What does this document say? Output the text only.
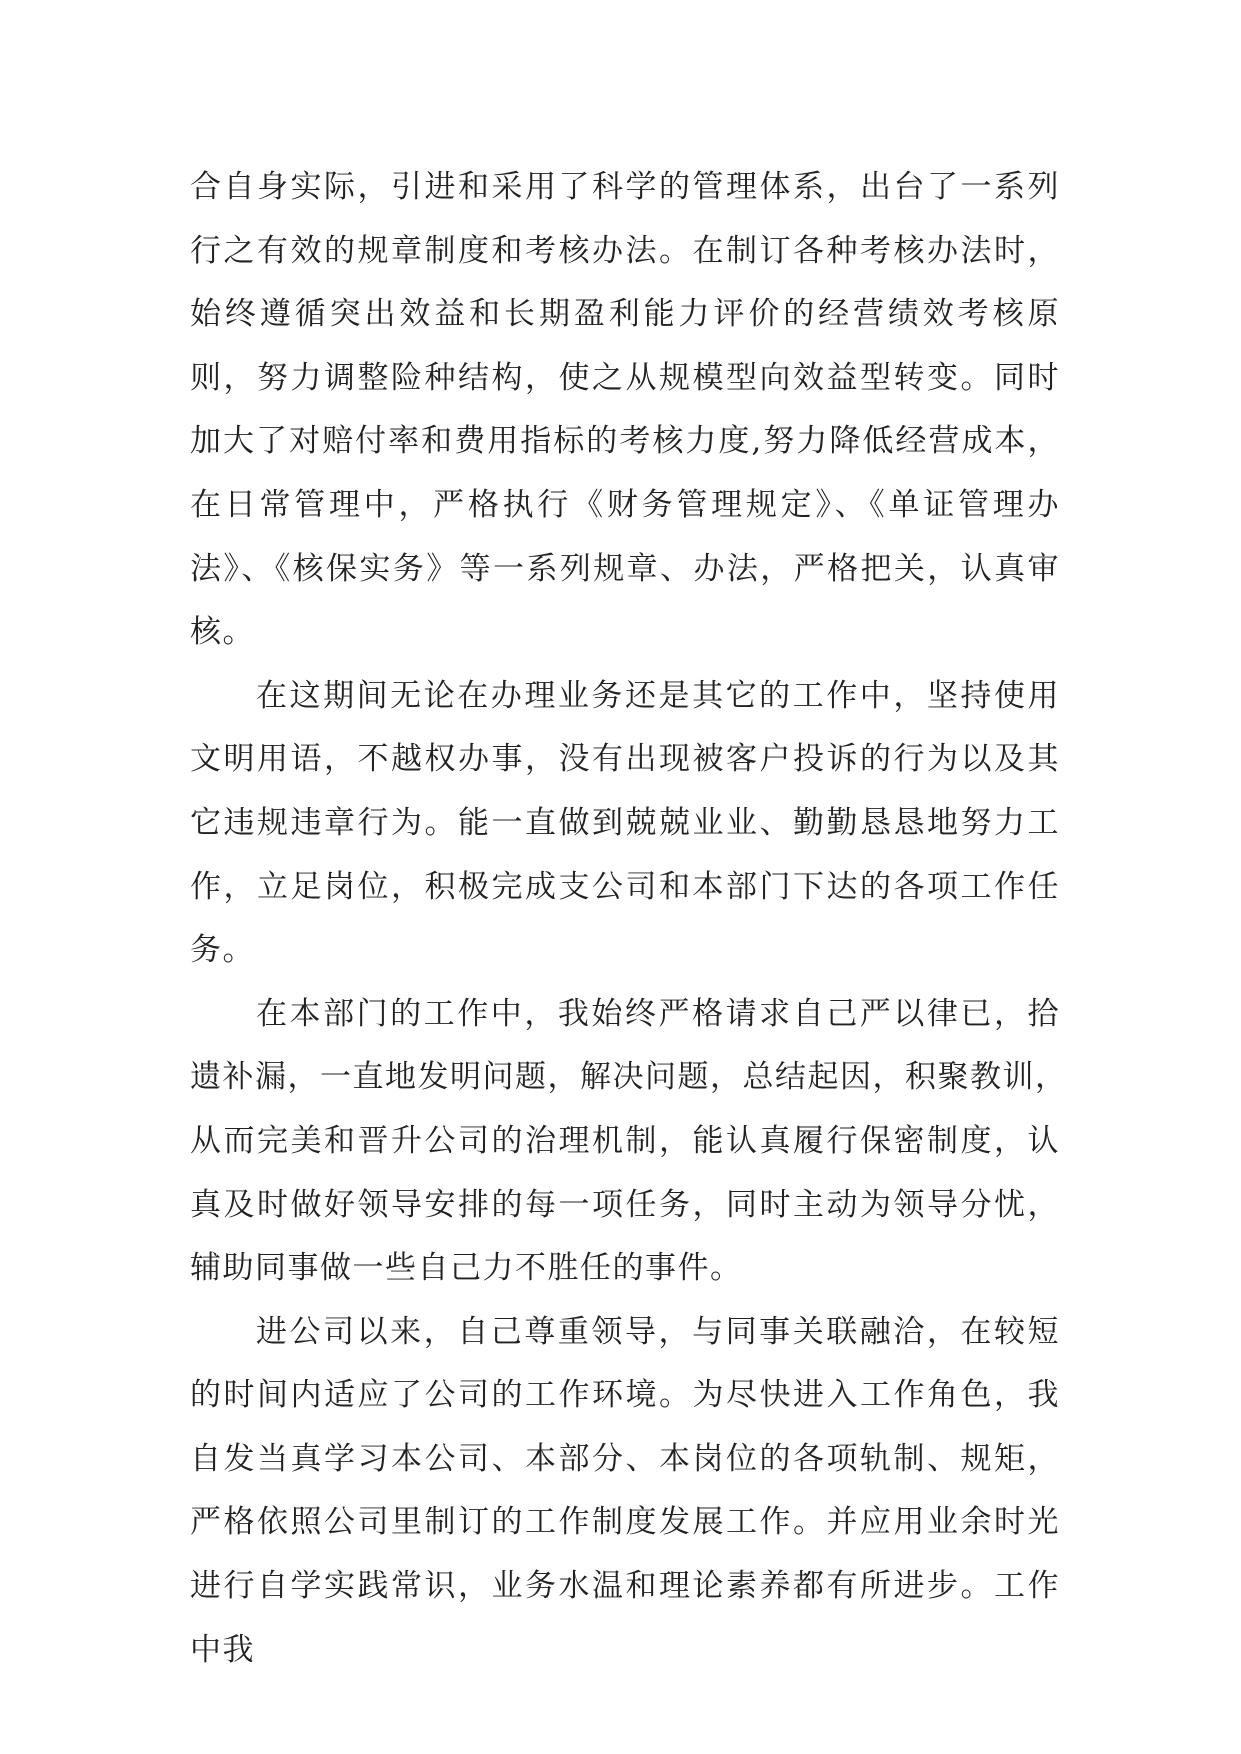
合自身实际，引进和采用了科学的管理体系，出台了一系列
行之有效的规章制度和考核办法。在制订各种考核办法时，
始终遵循突出效益和长期盈利能力评价的经营绩效考核原
则，努力调整险种结构，使之从规模型向效益型转变。同时
加大了对赔付率和费用指标的考核力度,努力降低经营成本，
在日常管理中，严格执行《财务管理规定》、《单证管理办
法》、《核保实务》等一系列规章、办法，严格把关，认真审
核。
在这期间无论在办理业务还是其它的工作中，坚持使用
文明用语，不越权办事，没有出现被客户投诉的行为以及其
它违规违章行为。能一直做到兢兢业业、勤勤恳恳地努力工
作，立足岗位，积极完成支公司和本部门下达的各项工作任
务。
在本部门的工作中，我始终严格请求自己严以律已，拾
遗补漏，一直地发明问题，解决问题，总结起因，积聚教训，
从而完美和晋升公司的治理机制，能认真履行保密制度，认
真及时做好领导安排的每一项任务，同时主动为领导分忧，
辅助同事做一些自己力不胜任的事件。
进公司以来，自己尊重领导，与同事关联融洽，在较短
的时间内适应了公司的工作环境。为尽快进入工作角色，我
自发当真学习本公司、本部分、本岗位的各项轨制、规矩，
严格依照公司里制订的工作制度发展工作。并应用业余时光
进行自学实践常识，业务水温和理论素养都有所进步。工作
中我
